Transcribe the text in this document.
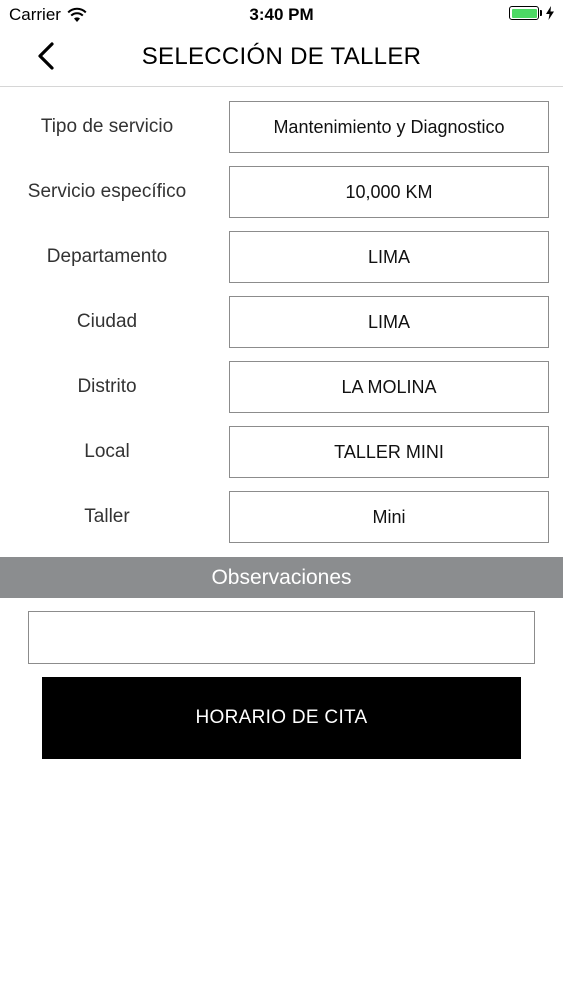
Carrier	3:40 PM
SELECCIÓN DE TALLER
Tipo de servicio	Mantenimiento y Diagnostico
Servicio específico	10,000 KM
Departamento	LIMA
Ciudad	LIMA
Distrito	LA MOLINA
Local	TALLER MINI
Taller	Mini
Observaciones
HORARIO DE CITA
